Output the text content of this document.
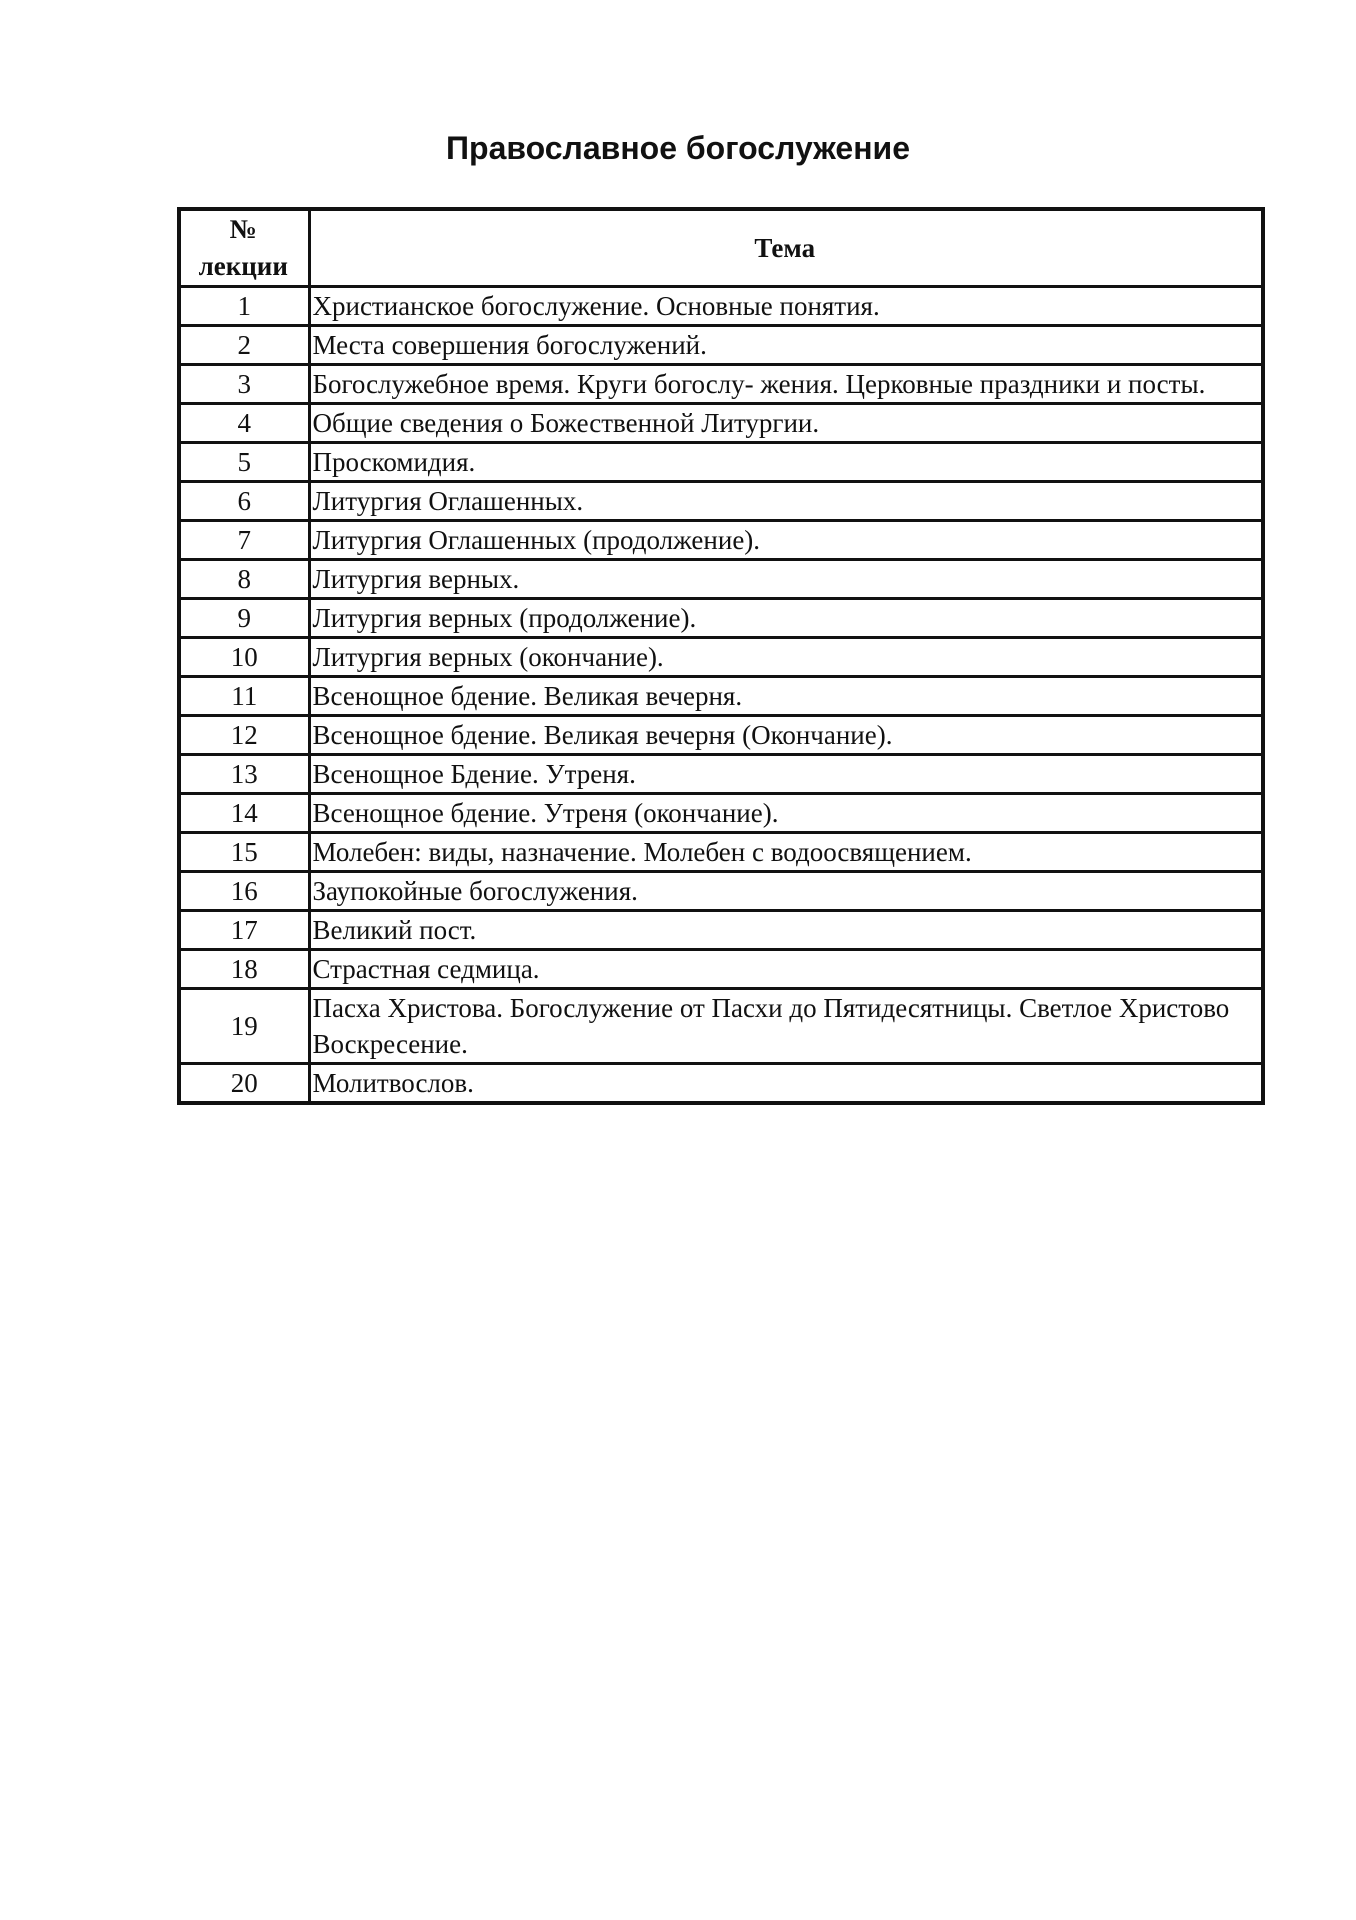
Православное богослужение
№
лекции	Тема
1	Христианское богослужение. Основные понятия.
2	Места совершения богослужений.
3	Богослужебное время. Круги богослу- жения. Церковные праздники и посты.
4	Общие сведения о Божественной Литургии.
5	Проскомидия.
6	Литургия Оглашенных.
7	Литургия Оглашенных (продолжение).
8	Литургия верных.
9	Литургия верных (продолжение).
10	Литургия верных (окончание).
11	Всенощное бдение. Великая вечерня.
12	Всенощное бдение. Великая вечерня (Окончание).
13	Всенощное Бдение. Утреня.
14	Всенощное бдение. Утреня (окончание).
15	Молебен: виды, назначение. Молебен с водоосвящением.
16	Заупокойные богослужения.
17	Великий пост.
18	Страстная седмица.
19	Пасха Христова. Богослужение от Пасхи до Пятидесятницы. Светлое Христово Воскресение.
20	Молитвослов.
